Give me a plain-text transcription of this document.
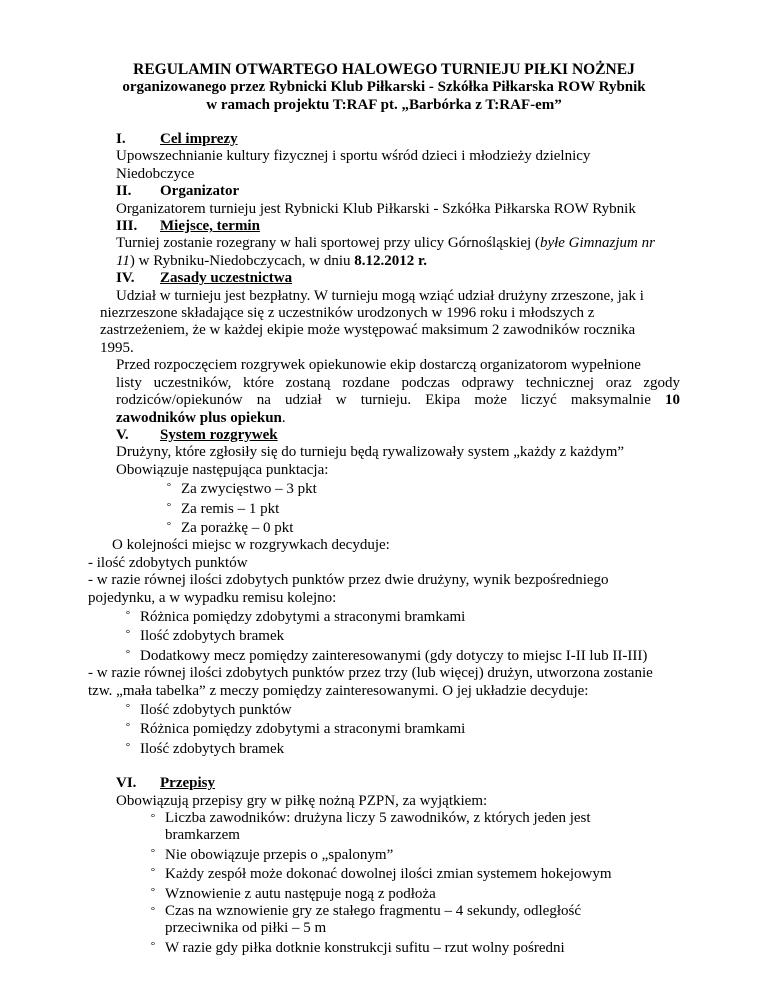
REGULAMIN OTWARTEGO HALOWEGO TURNIEJU PIŁKI NOŻNEJ
organizowanego przez Rybnicki Klub Piłkarski - Szkółka Piłkarska ROW Rybnik
w ramach projektu T:RAF pt. „Barbórka z T:RAF-em”
I. Cel imprezy
Upowszechnianie kultury fizycznej i sportu wśród dzieci i młodzieży dzielnicy
Niedobczyce
II. Organizator
Organizatorem turnieju jest Rybnicki Klub Piłkarski - Szkółka Piłkarska ROW Rybnik
III. Miejsce, termin
Turniej zostanie rozegrany w hali sportowej przy ulicy Górnośląskiej (byłe Gimnazjum nr
11) w Rybniku-Niedobczycach, w dniu 8.12.2012 r.
IV. Zasady uczestnictwa
Udział w turnieju jest bezpłatny. W turnieju mogą wziąć udział drużyny zrzeszone, jak i
niezrzeszone składające się z uczestników urodzonych w 1996 roku i młodszych z
zastrzeżeniem, że w każdej ekipie może występować maksimum 2 zawodników rocznika
1995.
Przed rozpoczęciem rozgrywek opiekunowie ekip dostarczą organizatorom wypełnione
listy uczestników, które zostaną rozdane podczas odprawy technicznej oraz zgody
rodziców/opiekunów na udział w turnieju. Ekipa może liczyć maksymalnie 10
zawodników plus opiekun.
V. System rozgrywek
Drużyny, które zgłosiły się do turnieju będą rywalizowały system „każdy z każdym”
Obowiązuje następująca punktacja:
° Za zwycięstwo – 3 pkt
° Za remis – 1 pkt
° Za porażkę – 0 pkt
O kolejności miejsc w rozgrywkach decyduje:
- ilość zdobytych punktów
- w razie równej ilości zdobytych punktów przez dwie drużyny, wynik bezpośredniego
pojedynku, a w wypadku remisu kolejno:
° Różnica pomiędzy zdobytymi a straconymi bramkami
° Ilość zdobytych bramek
° Dodatkowy mecz pomiędzy zainteresowanymi (gdy dotyczy to miejsc I-II lub II-III)
- w razie równej ilości zdobytych punktów przez trzy (lub więcej) drużyn, utworzona zostanie
tzw. „mała tabelka” z meczy pomiędzy zainteresowanymi. O jej układzie decyduje:
° Ilość zdobytych punktów
° Różnica pomiędzy zdobytymi a straconymi bramkami
° Ilość zdobytych bramek
VI. Przepisy
Obowiązują przepisy gry w piłkę nożną PZPN, za wyjątkiem:
° Liczba zawodników: drużyna liczy 5 zawodników, z których jeden jest bramkarzem
° Nie obowiązuje przepis o „spalonym”
° Każdy zespół może dokonać dowolnej ilości zmian systemem hokejowym
° Wznowienie z autu następuje nogą z podłoża
° Czas na wznowienie gry ze stałego fragmentu – 4 sekundy, odległość przeciwnika od piłki – 5 m
° W razie gdy piłka dotknie konstrukcji sufitu – rzut wolny pośredni
